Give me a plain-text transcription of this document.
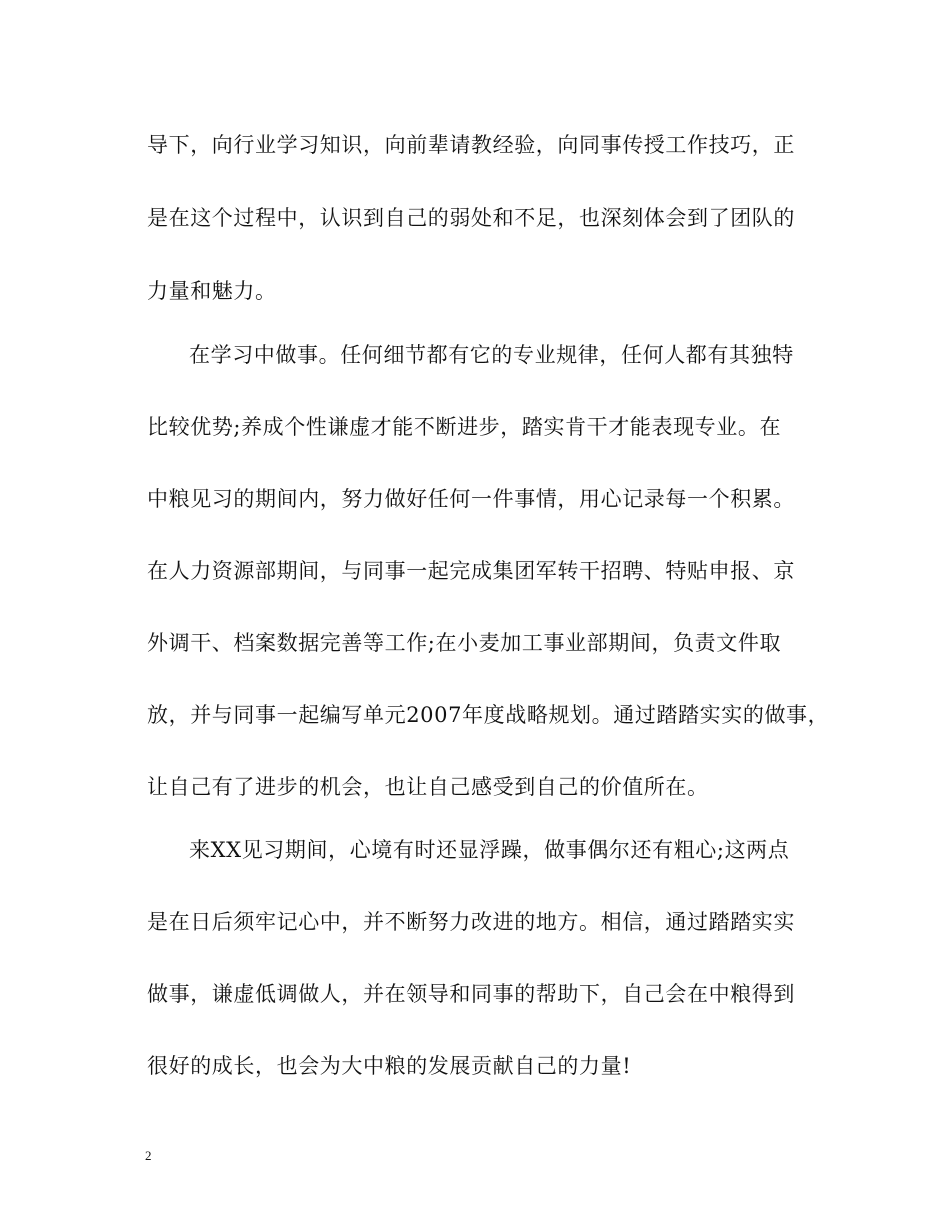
导下，向行业学习知识，向前辈请教经验，向同事传授工作技巧，正
是在这个过程中，认识到自己的弱处和不足，也深刻体会到了团队的
力量和魅力。
在学习中做事。任何细节都有它的专业规律，任何人都有其独特
比较优势;养成个性谦虚才能不断进步，踏实肯干才能表现专业。在
中粮见习的期间内，努力做好任何一件事情，用心记录每一个积累。
在人力资源部期间，与同事一起完成集团军转干招聘、特贴申报、京
外调干、档案数据完善等工作;在小麦加工事业部期间，负责文件取
放，并与同事一起编写单元2007年度战略规划。通过踏踏实实的做事，
让自己有了进步的机会，也让自己感受到自己的价值所在。
来XX见习期间，心境有时还显浮躁，做事偶尔还有粗心;这两点
是在日后须牢记心中，并不断努力改进的地方。相信，通过踏踏实实
做事，谦虚低调做人，并在领导和同事的帮助下，自己会在中粮得到
很好的成长，也会为大中粮的发展贡献自己的力量!
2
